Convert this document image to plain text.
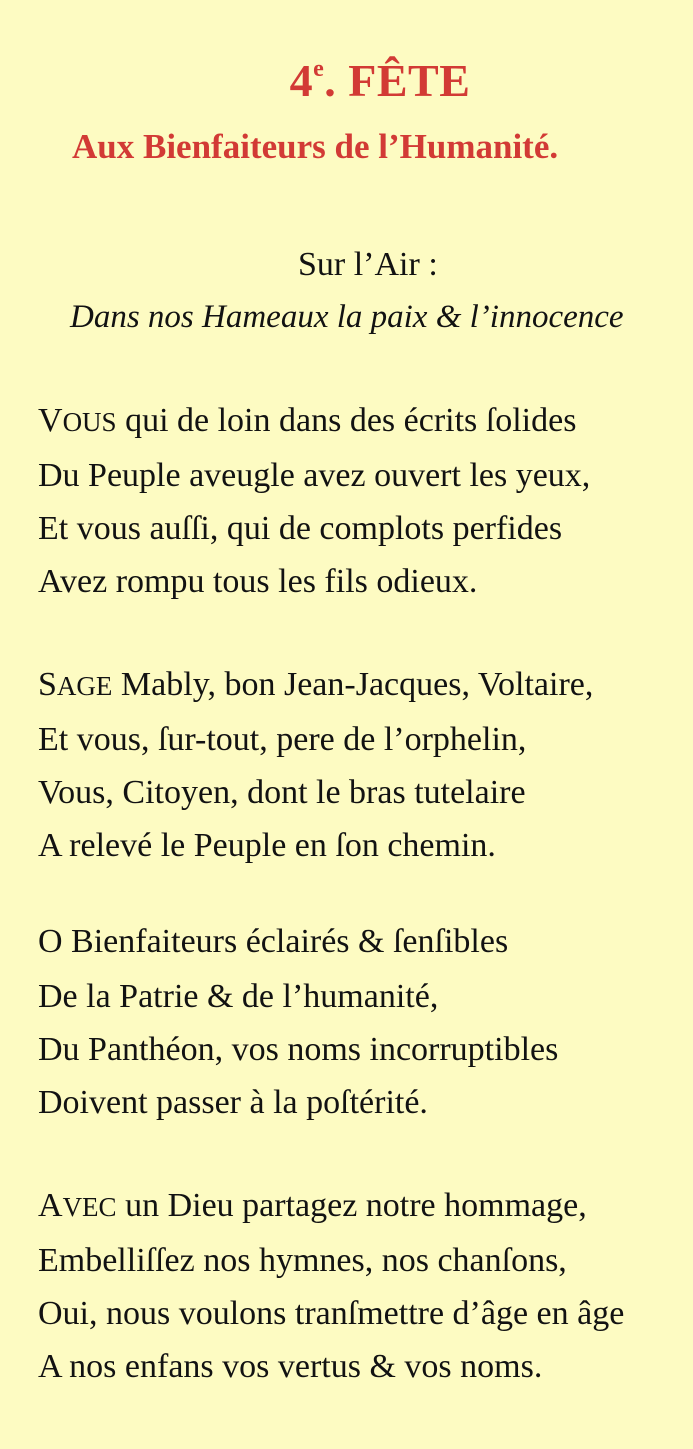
4e. FÊTE
Aux Bienfaiteurs de l’Humanité.

Sur l’Air :

Dans nos Hameaux la paix & l’innocence

VOUS qui de loin dans des écrits ſolides
Du Peuple aveugle avez ouvert les yeux,
Et vous auſſi, qui de complots perfides
Avez rompu tous les fils odieux.
SAGE Mably, bon Jean-Jacques, Voltaire,
Et vous, ſur-tout, pere de l’orphelin,
Vous, Citoyen, dont le bras tutelaire
A relevé le Peuple en ſon chemin.
O Bienfaiteurs éclairés & ſenſibles
De la Patrie & de l’humanité,
Du Panthéon, vos noms incorruptibles
Doivent passer à la poſtérité.
AVEC un Dieu partagez notre hommage,
Embelliſſez nos hymnes, nos chanſons,
Oui, nous voulons tranſmettre d’âge en âge
A nos enfans vos vertus & vos noms.
